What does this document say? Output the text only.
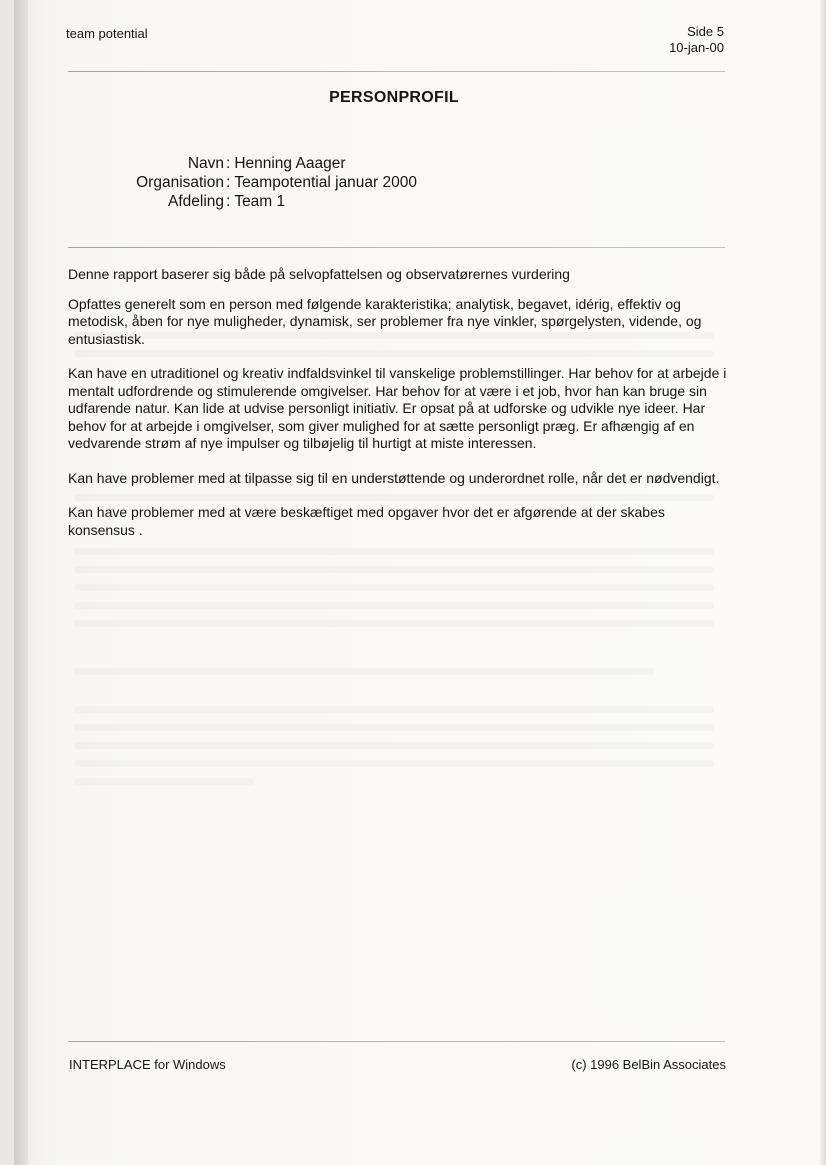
team potential	Side 5
10-jan-00
PERSONPROFIL
Navn : Henning Aaager
Organisation : Teampotential januar 2000
Afdeling : Team 1

Denne rapport baserer sig både på selvopfattelsen og observatørernes vurdering

Opfattes generelt som en person med følgende karakteristika; analytisk, begavet, idérig, effektiv og metodisk, åben for nye muligheder, dynamisk, ser problemer fra nye vinkler, spørgelysten, vidende, og entusiastisk.

Kan have en utraditionel og kreativ indfaldsvinkel til vanskelige problemstillinger. Har behov for at arbejde i mentalt udfordrende og stimulerende omgivelser. Har behov for at være i et job, hvor han kan bruge sin udfarende natur. Kan lide at udvise personligt initiativ. Er opsat på at udforske og udvikle nye ideer. Har behov for at arbejde i omgivelser, som giver mulighed for at sætte personligt præg. Er afhængig af en vedvarende strøm af nye impulser og tilbøjelig til hurtigt at miste interessen.

Kan have problemer med at tilpasse sig til en understøttende og underordnet rolle, når det er nødvendigt.

Kan have problemer med at være beskæftiget med opgaver hvor det er afgørende at der skabes konsensus .

INTERPLACE for Windows	(c) 1996 BelBin Associates
